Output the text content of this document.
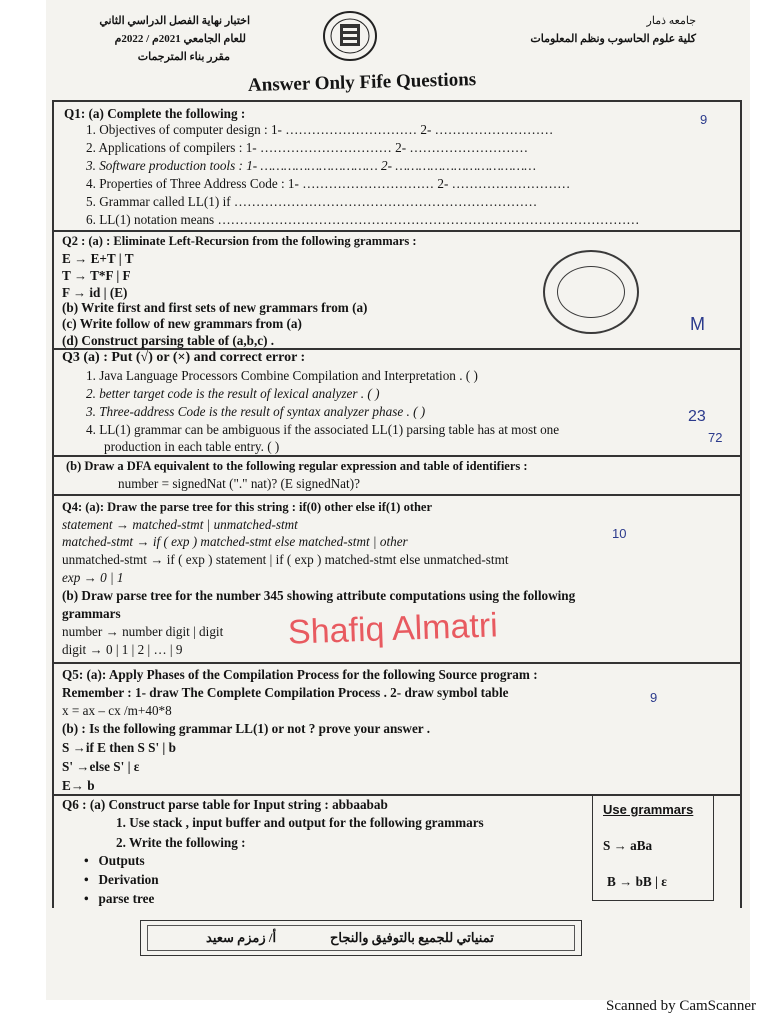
جامعه ذمار
كلية علوم الحاسوب ونظم المعلومات
اختبار نهاية الفصل الدراسي الثاني
للعام الجامعي 2021م / 2022م
مقرر بناء المترجمات
Answer Only Fife Questions
Q1: (a) Complete the following :
1. Objectives of computer design : 1- ………………………… 2- ………………………
2. Applications of compilers : 1- ………………………… 2- ………………………
3. Software production tools : 1- ………………………… 2- ………………………………
4. Properties of Three Address Code : 1- ………………………… 2- ………………………
5. Grammar called LL(1) if ……………………………………………………………
6. LL(1) notation means ……………………………………………………………………………………
Q2 : (a) : Eliminate Left-Recursion from the following grammars :
E → E+T | T
T → T*F | F
F → id | (E)
(b) Write first and first sets of new grammars from (a)
(c) Write follow of new grammars from (a)
(d) Construct parsing table of (a,b,c) .
Q3 (a) : Put (√) or (×) and correct error :
1. Java Language Processors Combine Compilation and Interpretation . ( )
2. better target code is the result of lexical analyzer . ( )
3. Three-address Code is the result of syntax analyzer phase . ( )
4. LL(1) grammar can be ambiguous if the associated LL(1) parsing table has at most one
production in each table entry. ( )
(b) Draw a DFA equivalent to the following regular expression and table of identifiers :
number = signedNat ("." nat)? (E signedNat)?
Q4: (a): Draw the parse tree for this string : if(0) other else if(1) other
statement → matched-stmt | unmatched-stmt
matched-stmt → if ( exp ) matched-stmt else matched-stmt | other
unmatched-stmt → if ( exp ) statement | if ( exp ) matched-stmt else unmatched-stmt
exp → 0 | 1
(b) Draw parse tree for the number 345 showing attribute computations using the following
grammars
number → number digit | digit
digit → 0 | 1 | 2 | … | 9	Shafiq Almatri
Q5: (a): Apply Phases of the Compilation Process for the following Source program :
Remember : 1- draw The Complete Compilation Process . 2- draw symbol table
x = ax – cx /m+40*8
(b) : Is the following grammar LL(1) or not ? prove your answer .
S →if E then S S' | b
S' →else S' | ε
E→ b
Q6 : (a) Construct parse table for Input string : abbaabab
1. Use stack , input buffer and output for the following grammars
2. Write the following :
•   Outputs
•   Derivation
•   parse tree
Use grammars
S → aBa
B → bB | ε
تمنياتي للجميع بالتوفيق والنجاح
أ/ زمزم سعيد
9
23
72
10
9
M
Scanned by CamScanner
